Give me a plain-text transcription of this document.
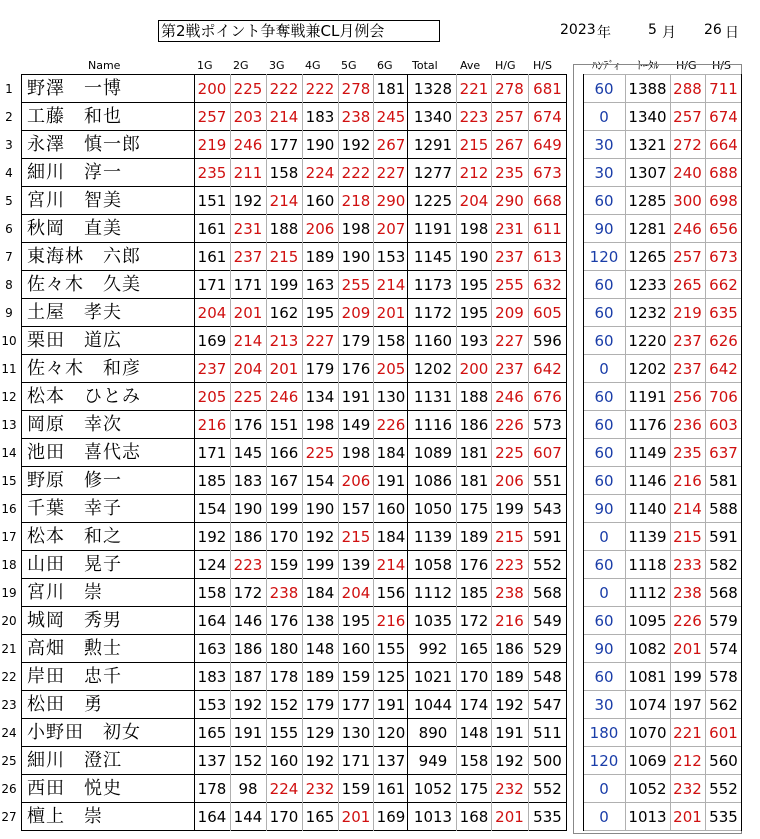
第2戦ポイント争奪戦兼CL月例会	2023 年	5 月 26 日
Name	1G 2G 3G 4G 5G 6G Total Ave H/G H/S	ﾊﾝﾃﾞｨ ﾄｰﾀﾙ H/G H/S
1 野澤　一博	200 225 222 222 278 181 1328 221 278 681	60 1388 288 711
2 工藤　和也	257 203 214 183 238 245 1340 223 257 674	0	1340 257 674
3 永澤　慎一郎	219 246 177 190 192 267 1291 215 267 649	30 1321 272 664
4 細川　淳一	235 211 158 224 222 227 1277 212 235 673	30 1307 240 688
5 宮川　智美	151 192 214 160 218 290 1225 204 290 668	60 1285 300 698
6 秋岡　直美	161 231 188 206 198 207 1191 198 231 611	90 1281 246 656
7 東海林　六郎	161 237 215 189 190 153 1145 190 237 613	120 1265 257 673
8 佐々木　久美	171 171 199 163 255 214 1173 195 255 632	60 1233 265 662
9 土屋　孝夫	204 201 162 195 209 201 1172 195 209 605	60 1232 219 635
10 栗田　道広	169 214 213 227 179 158 1160 193 227 596	60 1220 237 626
11 佐々木　和彦	237 204 201 179 176 205 1202 200 237 642	0	1202 237 642
12 松本　ひとみ	205 225 246 134 191 130 1131 188 246 676	60 1191 256 706
13 岡原　幸次	216 176 151 198 149 226 1116 186 226 573	60 1176 236 603
14 池田　喜代志	171 145 166 225 198 184 1089 181 225 607	60 1149 235 637
15 野原　修一	185 183 167 154 206 191 1086 181 206 551	60 1146 216 581
16 千葉　幸子	154 190 199 190 157 160 1050 175 199 543	90 1140 214 588
17 松本　和之	192 186 170 192 215 184 1139 189 215 591	0	1139 215 591
18 山田　晃子	124 223 159 199 139 214 1058 176 223 552	60 1118 233 582
19 宮川　崇	158 172 238 184 204 156 1112 185 238 568	0	1112 238 568
20 城岡　秀男	164 146 176 138 195 216 1035 172 216 549	60 1095 226 579
21 高畑　勲士	163 186 180 148 160 155 992 165 186 529	90 1082 201 574
22 岸田　忠千	183 187 178 189 159 125 1021 170 189 548	60 1081 199 578
23 松田　勇	153 192 152 179 177 191 1044 174 192 547	30 1074 197 562
24 小野田　初女	165 191 155 129 130 120 890 148 191 511	180 1070 221 601
25 細川　澄江	137 152 160 192 171 137 949 158 192 500	120 1069 212 560
26 西田　悦史	178 98 224 232 159 161 1052 175 232 552	0	1052 232 552
27 檀上　崇	164 144 170 165 201 169 1013 168 201 535	0	1013 201 535
